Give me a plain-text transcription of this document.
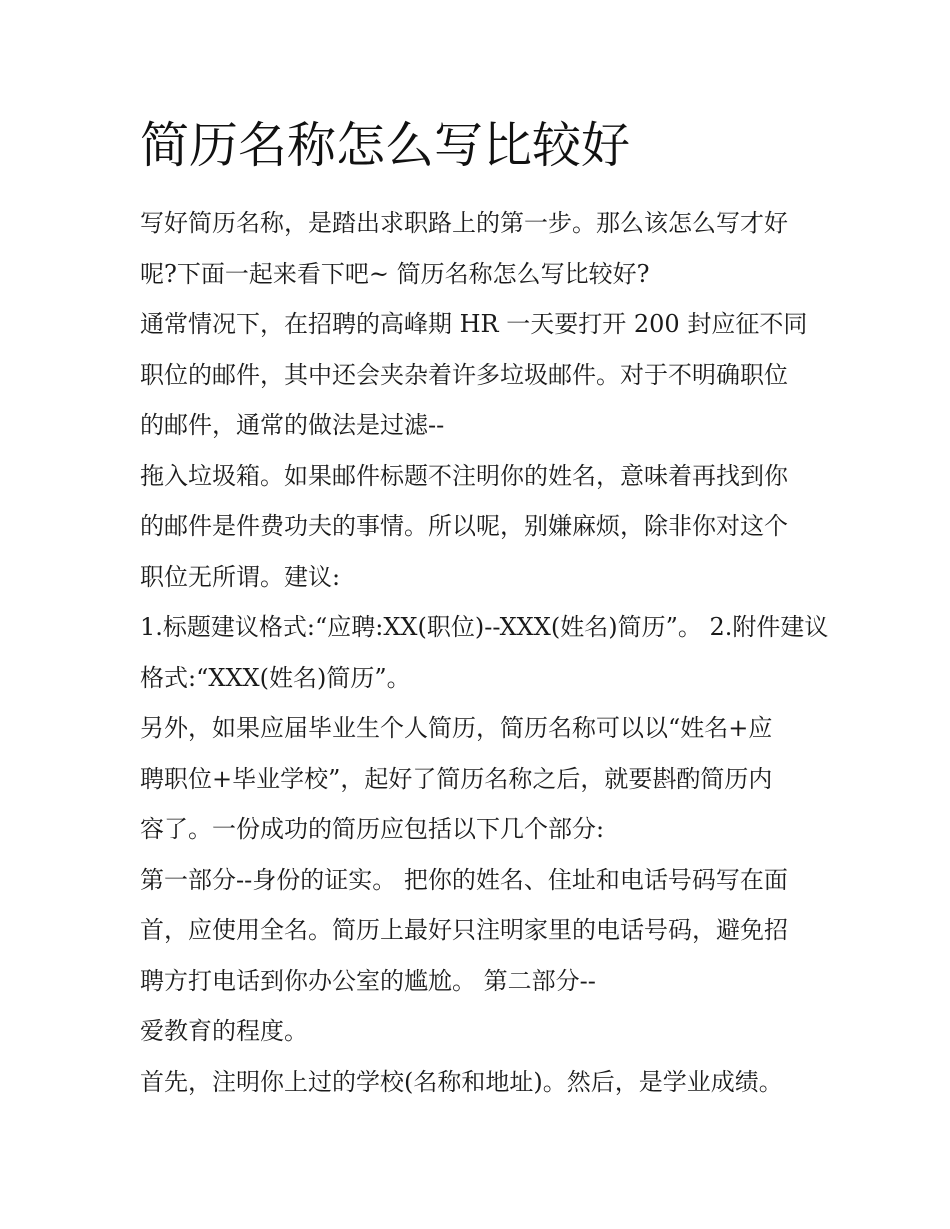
简历名称怎么写比较好
写好简历名称，是踏出求职路上的第一步。那么该怎么写才好
呢?下面一起来看下吧~ 简历名称怎么写比较好?
通常情况下，在招聘的高峰期 HR 一天要打开 200 封应征不同
职位的邮件，其中还会夹杂着许多垃圾邮件。对于不明确职位
的邮件，通常的做法是过滤--
拖入垃圾箱。如果邮件标题不注明你的姓名，意味着再找到你
的邮件是件费功夫的事情。所以呢，别嫌麻烦，除非你对这个
职位无所谓。建议:
1.标题建议格式:“应聘:XX(职位)--XXX(姓名)简历”。 2.附件建议
格式:“XXX(姓名)简历”。
另外，如果应届毕业生个人简历，简历名称可以以“姓名+应
聘职位+毕业学校”，起好了简历名称之后，就要斟酌简历内
容了。一份成功的简历应包括以下几个部分:
第一部分--身份的证实。 把你的姓名、住址和电话号码写在面
首，应使用全名。简历上最好只注明家里的电话号码，避免招
聘方打电话到你办公室的尴尬。 第二部分--
爱教育的程度。
首先，注明你上过的学校(名称和地址)。然后，是学业成绩。
